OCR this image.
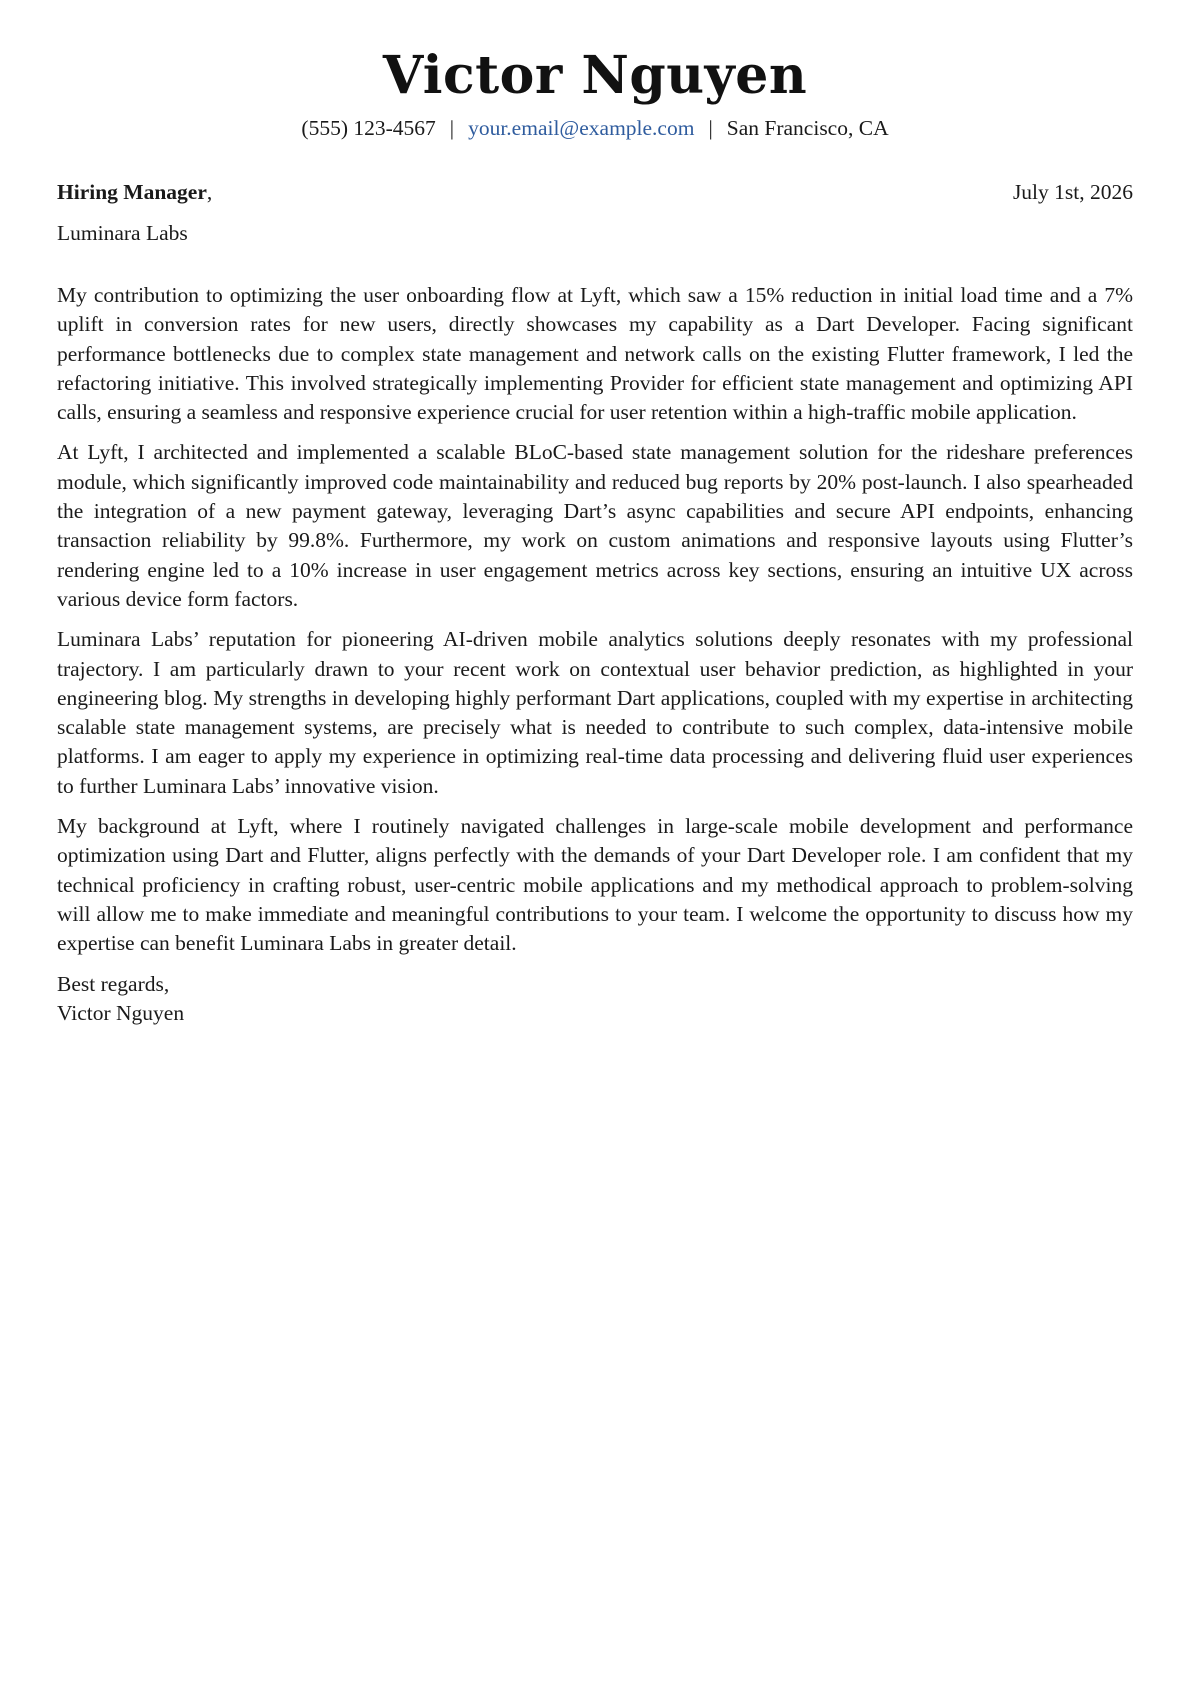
Victor Nguyen
(555) 123-4567 | your.email@example.com | San Francisco, CA
Hiring Manager,	July 1st, 2026
Luminara Labs

My contribution to optimizing the user onboarding flow at Lyft, which saw a 15% reduction in initial load time and a 7% uplift in conversion rates for new users, directly showcases my capability as a Dart Developer. Facing significant performance bottlenecks due to complex state management and network calls on the existing Flutter framework, I led the refactoring initiative. This involved strategically implementing Provider for efficient state management and optimizing API calls, ensuring a seamless and responsive experience crucial for user retention within a high-traffic mobile application.

At Lyft, I architected and implemented a scalable BLoC-based state management solution for the rideshare preferences module, which significantly improved code maintainability and reduced bug reports by 20% post-launch. I also spearheaded the integration of a new payment gateway, leveraging Dart’s async capabilities and secure API endpoints, enhancing transaction reliability by 99.8%. Furthermore, my work on custom animations and responsive layouts using Flutter’s rendering engine led to a 10% increase in user engagement metrics across key sections, ensuring an intuitive UX across various device form factors.

Luminara Labs’ reputation for pioneering AI-driven mobile analytics solutions deeply resonates with my professional trajectory. I am particularly drawn to your recent work on contextual user behavior prediction, as highlighted in your engineering blog. My strengths in developing highly performant Dart applications, coupled with my expertise in architecting scalable state management systems, are precisely what is needed to contribute to such complex, data-intensive mobile platforms. I am eager to apply my experience in optimizing real-time data processing and delivering fluid user experiences to further Luminara Labs’ innovative vision.

My background at Lyft, where I routinely navigated challenges in large-scale mobile development and performance optimization using Dart and Flutter, aligns perfectly with the demands of your Dart Developer role. I am confident that my technical proficiency in crafting robust, user-centric mobile applications and my methodical approach to problem-solving will allow me to make immediate and meaningful contributions to your team. I welcome the opportunity to discuss how my expertise can benefit Luminara Labs in greater detail.

Best regards,
Victor Nguyen
